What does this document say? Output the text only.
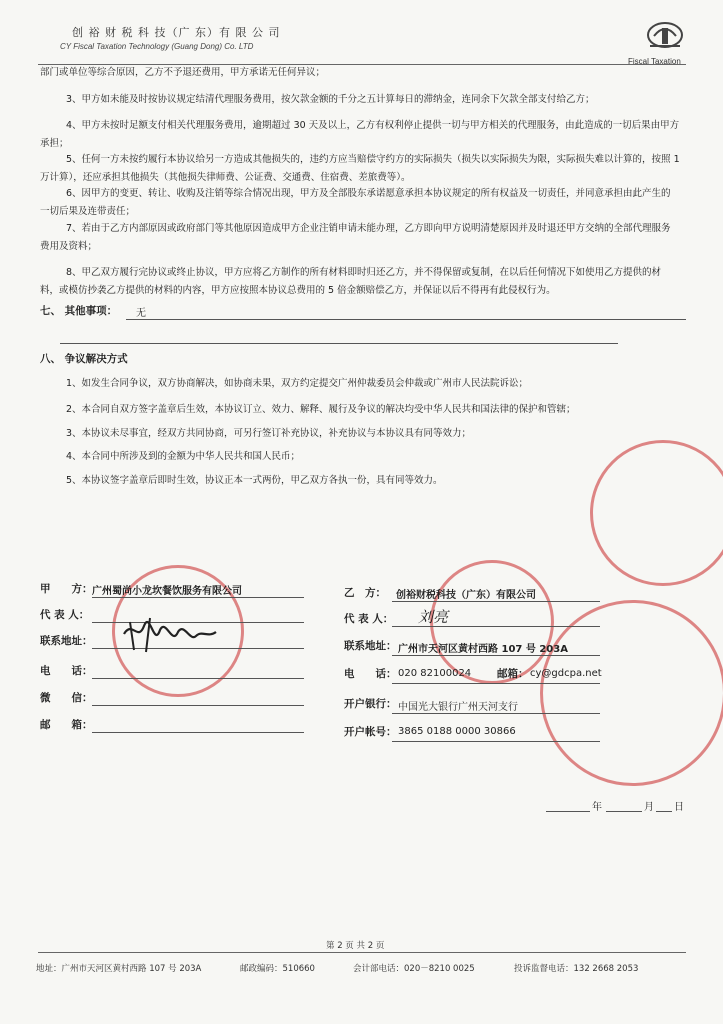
创 裕 财 税 科 技（广 东）有 限 公 司
CY Fiscal Taxation Technology (Guang Dong) Co. LTD
Fiscal Taxation
部门或单位等综合原因，乙方不予退还费用，甲方承诺无任何异议；
3、甲方如未能及时按协议规定结清代理服务费用，按欠款金额的千分之五计算每日的滞纳金，连同余下欠款全部支付给乙方；
4、甲方未按时足额支付相关代理服务费用，逾期超过 30 天及以上，乙方有权利停止提供一切与甲方相关的代理服务，由此造成的一切后果由甲方承担；
5、任何一方未按约履行本协议给另一方造成其他损失的，违约方应当赔偿守约方的实际损失（损失以实际损失为限，实际损失难以计算的，按照 1 万计算），还应承担其他损失（其他损失律师费、公证费、交通费、住宿费、差旅费等）。
6、因甲方的变更、转让、收购及注销等综合情况出现，甲方及全部股东承诺愿意承担本协议规定的所有权益及一切责任，并同意承担由此产生的一切后果及连带责任；
7、若由于乙方内部原因或政府部门等其他原因造成甲方企业注销申请未能办理，乙方即向甲方说明清楚原因并及时退还甲方交纳的全部代理服务费用及资料；
8、甲乙双方履行完协议或终止协议，甲方应将乙方制作的所有材料即时归还乙方，并不得保留或复制，在以后任何情况下如使用乙方提供的材料，或模仿抄袭乙方提供的材料的内容，甲方应按照本协议总费用的 5 倍金额赔偿乙方，并保证以后不得再有此侵权行为。
七、 其他事项： 无
八、 争议解决方式
1、如发生合同争议，双方协商解决，如协商未果，双方约定提交广州仲裁委员会仲裁或广州市人民法院诉讼；
2、本合同自双方签字盖章后生效，本协议订立、效力、解释、履行及争议的解决均受中华人民共和国法律的保护和管辖；
3、本协议未尽事宜，经双方共同协商，可另行签订补充协议，补充协议与本协议具有同等效力；
4、本合同中所涉及到的金额为中华人民共和国人民币；
5、本协议签字盖章后即时生效，协议正本一式两份，甲乙双方各执一份，具有同等效力。
甲　　方： 广州蜀尚小龙坎餐饮服务有限公司
代 表 人：
联系地址：
电　　话：
微　　信：
邮　　箱：
乙　方： 创裕财税科技（广东）有限公司
代 表 人： 刘亮
联系地址： 广州市天河区黄村西路 107 号 203A
电　　话： 020 82100024 邮箱： cy@gdcpa.net
开户银行： 中国光大银行广州天河支行
开户帐号： 3865 0188 0000 30866
年	月 日
第 2 页 共 2 页
地址：广州市天河区黄村西路 107 号 203A	邮政编码：510660	会计部电话：020－8210 0025	投诉监督电话：132 2668 2053
